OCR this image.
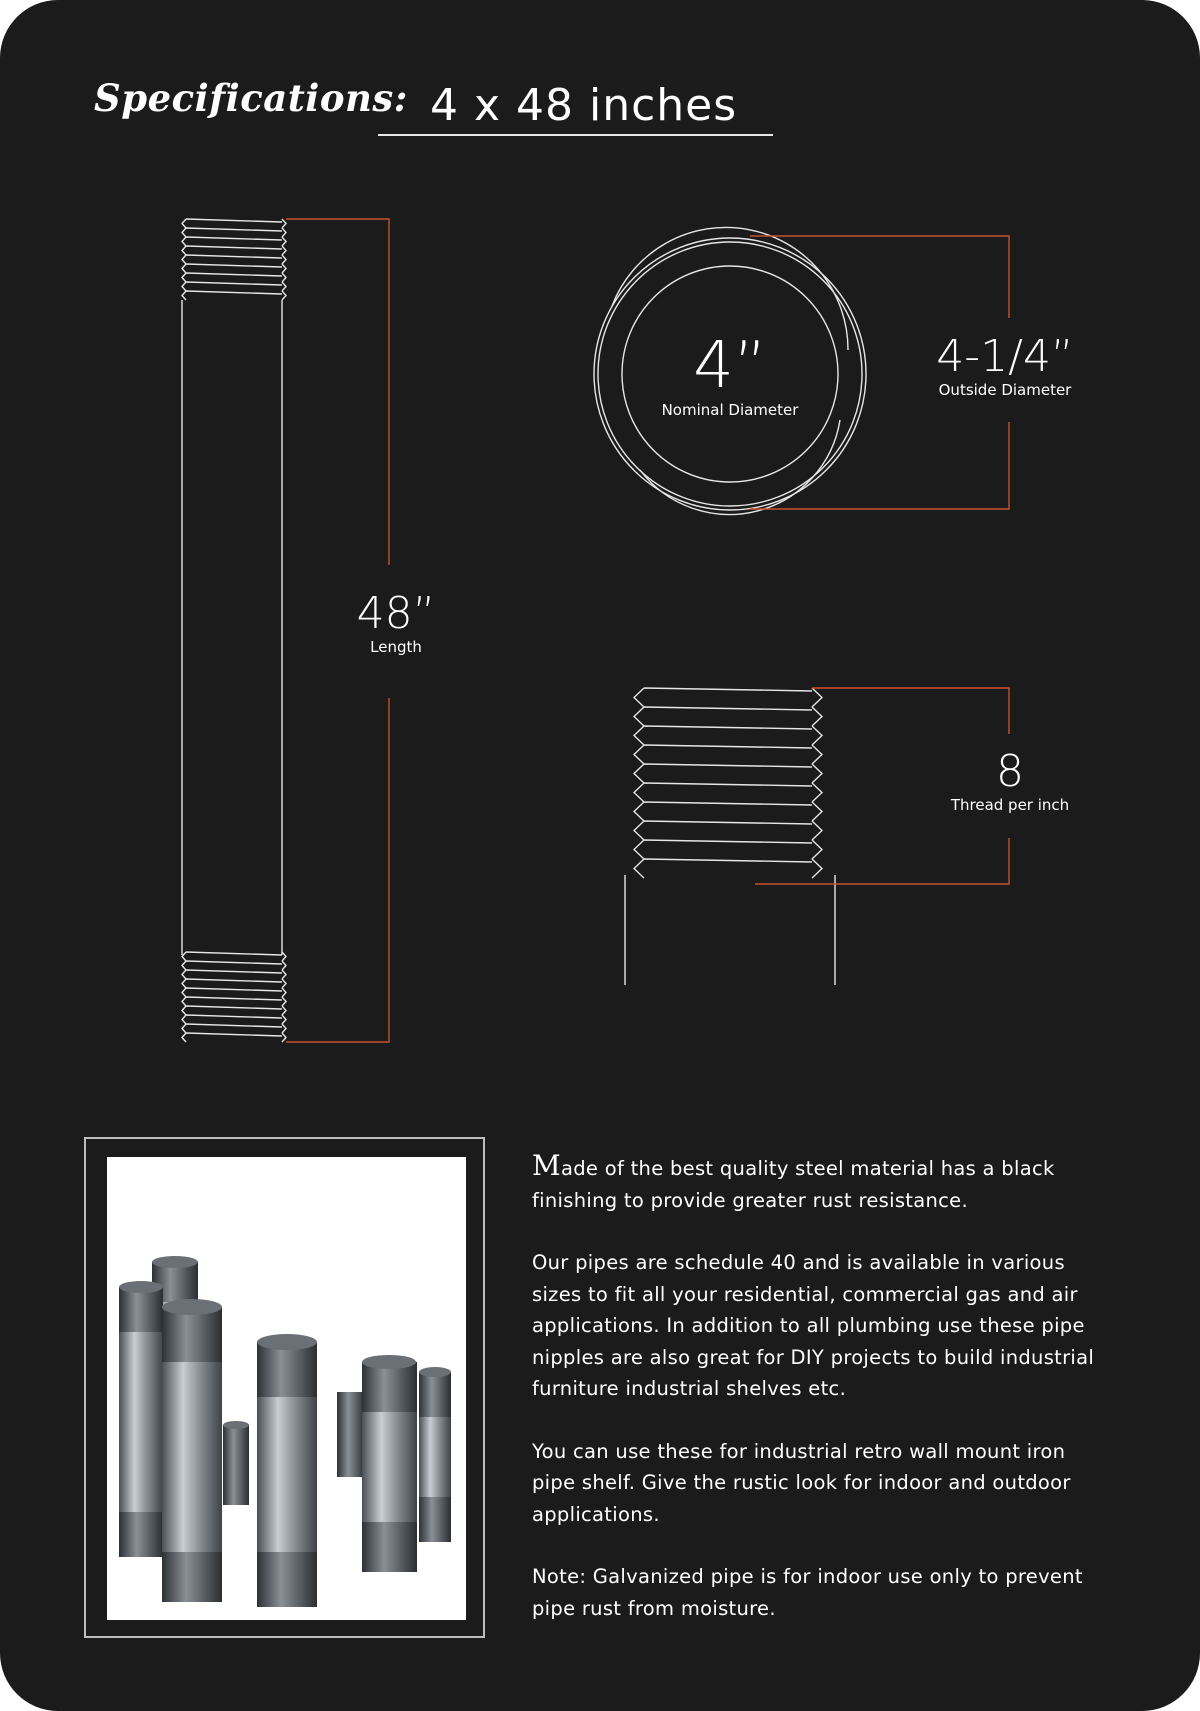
Specifications: 4 x 48 inches
48”
Length
4”
Nominal Diameter
4-1/4”
Outside Diameter
8
Thread per inch

Made of the best quality steel material has a black finishing to provide greater rust resistance.

Our pipes are schedule 40 and is available in various sizes to fit all your residential, commercial gas and air applications. In addition to all plumbing use these pipe nipples are also great for DIY projects to build industrial furniture industrial shelves etc.

You can use these for industrial retro wall mount iron pipe shelf. Give the rustic look for indoor and outdoor applications.

Note: Galvanized pipe is for indoor use only to prevent pipe rust from moisture.
